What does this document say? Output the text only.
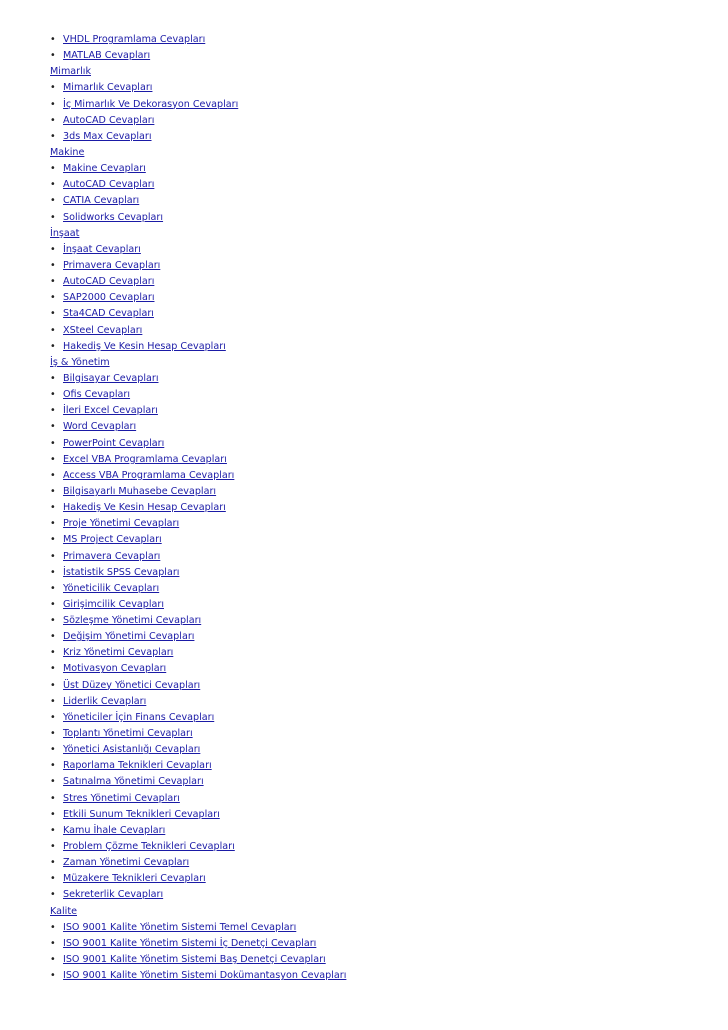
• VHDL Programlama Cevapları
• MATLAB Cevapları
Mimarlık
• Mimarlık Cevapları
• İç Mimarlık Ve Dekorasyon Cevapları
• AutoCAD Cevapları
• 3ds Max Cevapları
Makine
• Makine Cevapları
• AutoCAD Cevapları
• CATIA Cevapları
• Solidworks Cevapları
İnşaat
• İnşaat Cevapları
• Primavera Cevapları
• AutoCAD Cevapları
• SAP2000 Cevapları
• Sta4CAD Cevapları
• XSteel Cevapları
• Hakediş Ve Kesin Hesap Cevapları
İş & Yönetim
• Bilgisayar Cevapları
• Ofis Cevapları
• İleri Excel Cevapları
• Word Cevapları
• PowerPoint Cevapları
• Excel VBA Programlama Cevapları
• Access VBA Programlama Cevapları
• Bilgisayarlı Muhasebe Cevapları
• Hakediş Ve Kesin Hesap Cevapları
• Proje Yönetimi Cevapları
• MS Project Cevapları
• Primavera Cevapları
• İstatistik SPSS Cevapları
• Yöneticilik Cevapları
• Girişimcilik Cevapları
• Sözleşme Yönetimi Cevapları
• Değişim Yönetimi Cevapları
• Kriz Yönetimi Cevapları
• Motivasyon Cevapları
• Üst Düzey Yönetici Cevapları
• Liderlik Cevapları
• Yöneticiler İçin Finans Cevapları
• Toplantı Yönetimi Cevapları
• Yönetici Asistanlığı Cevapları
• Raporlama Teknikleri Cevapları
• Satınalma Yönetimi Cevapları
• Stres Yönetimi Cevapları
• Etkili Sunum Teknikleri Cevapları
• Kamu İhale Cevapları
• Problem Çözme Teknikleri Cevapları
• Zaman Yönetimi Cevapları
• Müzakere Teknikleri Cevapları
• Sekreterlik Cevapları
Kalite
• ISO 9001 Kalite Yönetim Sistemi Temel Cevapları
• ISO 9001 Kalite Yönetim Sistemi İç Denetçi Cevapları
• ISO 9001 Kalite Yönetim Sistemi Baş Denetçi Cevapları
• ISO 9001 Kalite Yönetim Sistemi Dokümantasyon Cevapları
